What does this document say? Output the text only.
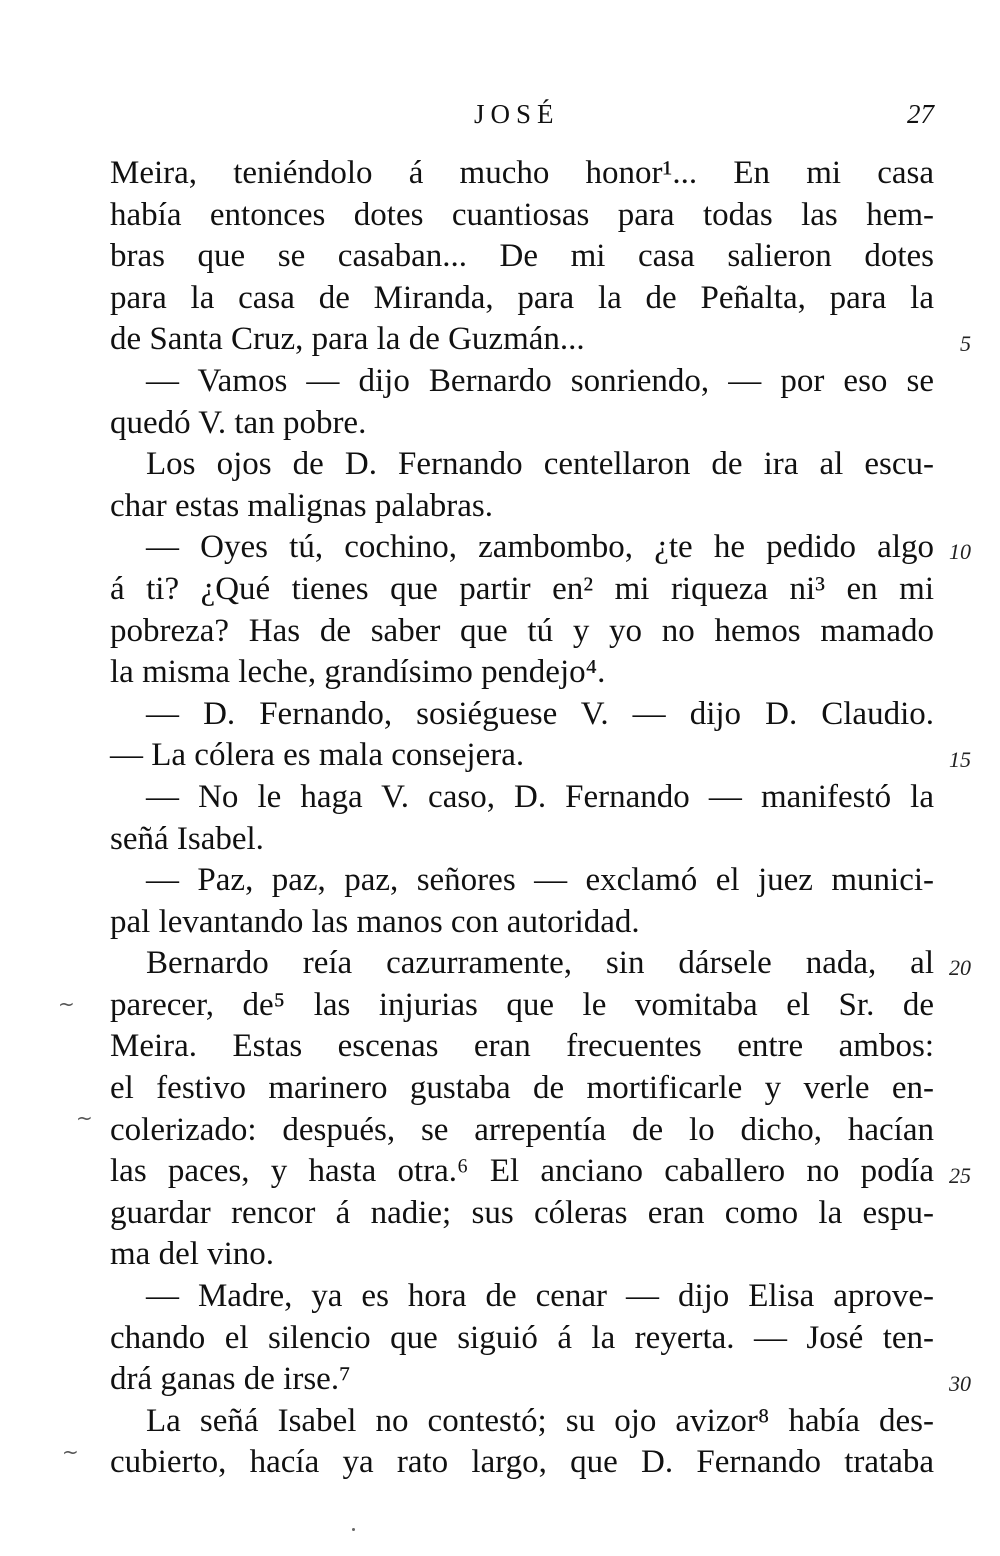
JOSÉ	27
Meira, teniéndolo á mucho honor¹... En mi casa
había entonces dotes cuantiosas para todas las hem-
bras que se casaban... De mi casa salieron dotes
para la casa de Miranda, para la de Peñalta, para la
de Santa Cruz, para la de Guzmán...
— Vamos — dijo Bernardo sonriendo, — por eso se
quedó V. tan pobre.
Los ojos de D. Fernando centellaron de ira al escu-
char estas malignas palabras.
— Oyes tú, cochino, zambombo, ¿te he pedido algo
á ti? ¿Qué tienes que partir en² mi riqueza ni³ en mi
pobreza? Has de saber que tú y yo no hemos mamado
la misma leche, grandísimo pendejo⁴.
— D. Fernando, sosiéguese V. — dijo D. Claudio.
— La cólera es mala consejera.
— No le haga V. caso, D. Fernando — manifestó la
señá Isabel.
— Paz, paz, paz, señores — exclamó el juez munici-
pal levantando las manos con autoridad.
Bernardo reía cazurramente, sin dársele nada, al
parecer, de⁵ las injurias que le vomitaba el Sr. de
Meira. Estas escenas eran frecuentes entre ambos:
el festivo marinero gustaba de mortificarle y verle en-
colerizado: después, se arrepentía de lo dicho, hacían
las paces, y hasta otra.⁶ El anciano caballero no podía
guardar rencor á nadie; sus cóleras eran como la espu-
ma del vino.
— Madre, ya es hora de cenar — dijo Elisa aprove-
chando el silencio que siguió á la reyerta. — José ten-
drá ganas de irse.⁷
La señá Isabel no contestó; su ojo avizor⁸ había des-
cubierto, hacía ya rato largo, que D. Fernando trataba
5
10
15
20
25
30
~
~
~
